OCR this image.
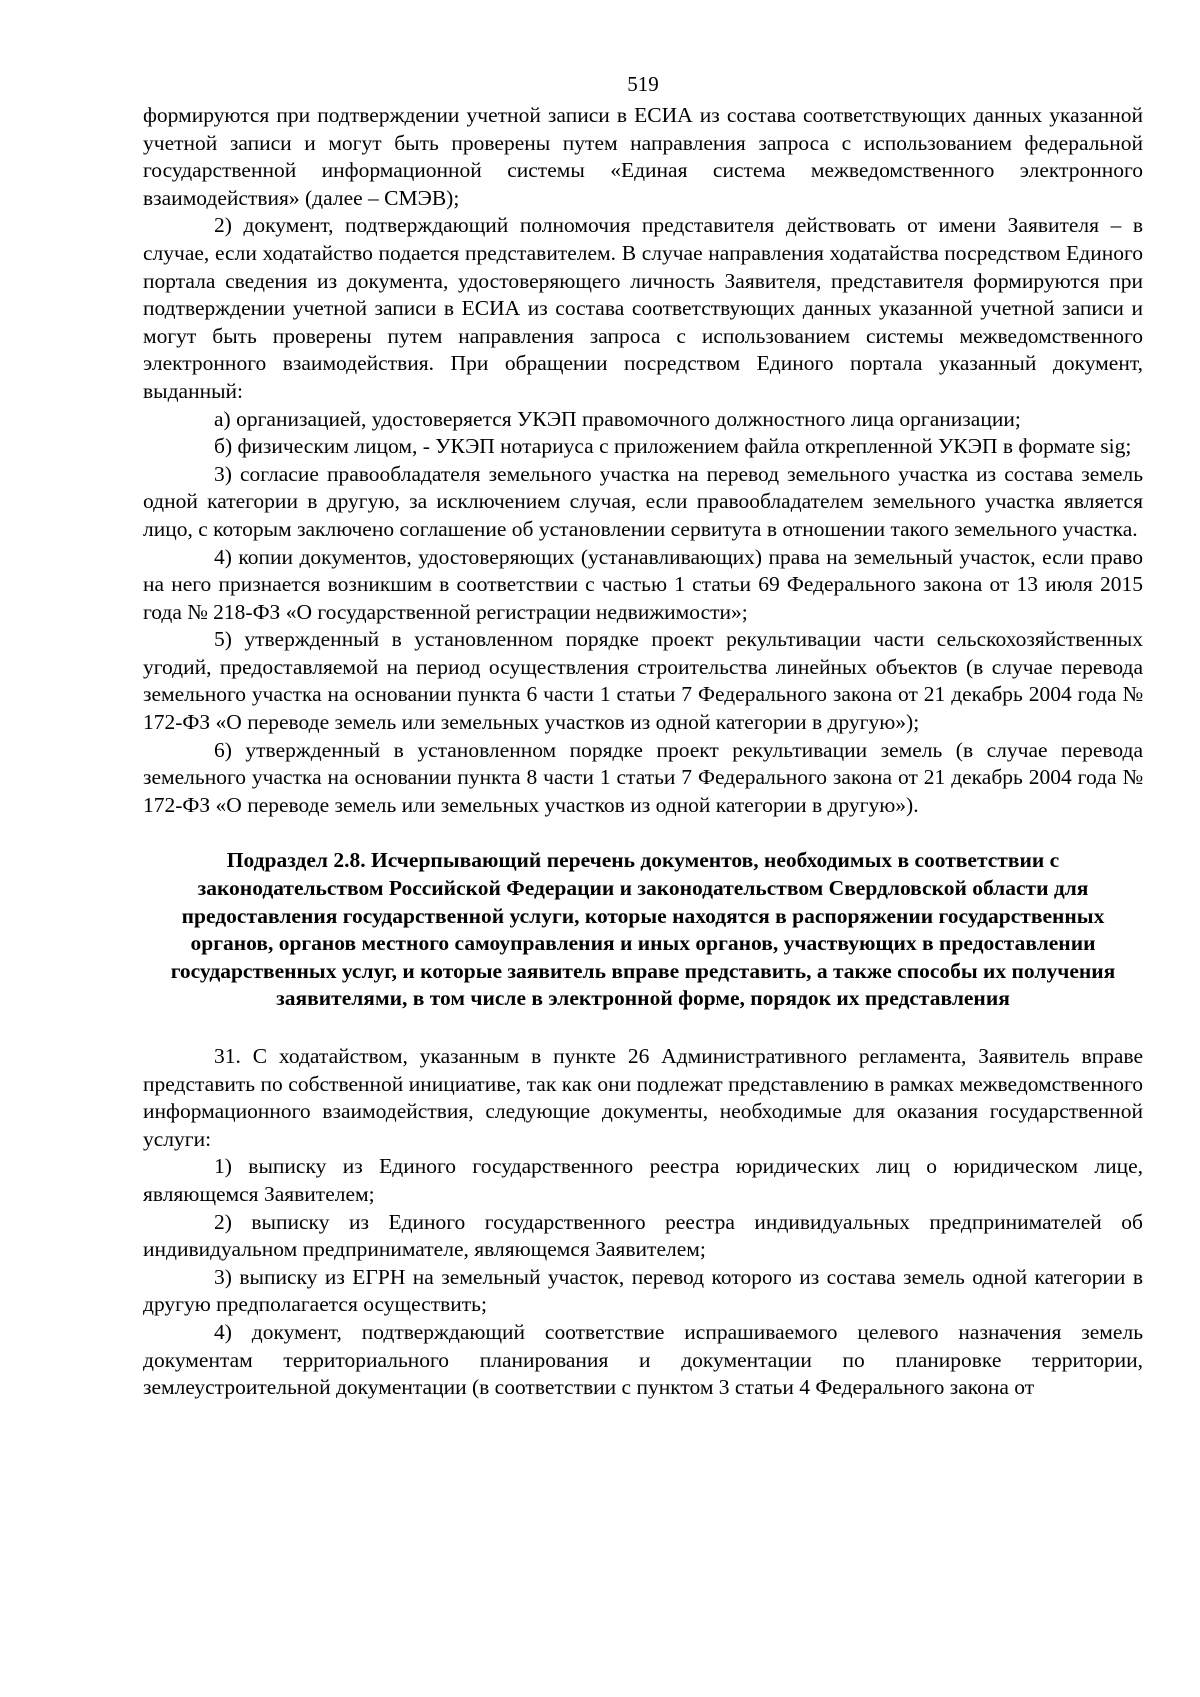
519

формируются при подтверждении учетной записи в ЕСИА из состава соответствующих данных указанной учетной записи и могут быть проверены путем направления запроса с использованием федеральной государственной информационной системы «Единая система межведомственного электронного взаимодействия» (далее – СМЭВ);

2) документ, подтверждающий полномочия представителя действовать от имени Заявителя – в случае, если ходатайство подается представителем. В случае направления ходатайства посредством Единого портала сведения из документа, удостоверяющего личность Заявителя, представителя формируются при подтверждении учетной записи в ЕСИА из состава соответствующих данных указанной учетной записи и могут быть проверены путем направления запроса с использованием системы межведомственного электронного взаимодействия. При обращении посредством Единого портала указанный документ, выданный:

а) организацией, удостоверяется УКЭП правомочного должностного лица организации;

б) физическим лицом, - УКЭП нотариуса с приложением файла открепленной УКЭП в формате sig;

3) согласие правообладателя земельного участка на перевод земельного участка из состава земель одной категории в другую, за исключением случая, если правообладателем земельного участка является лицо, с которым заключено соглашение об установлении сервитута в отношении такого земельного участка.

4) копии документов, удостоверяющих (устанавливающих) права на земельный участок, если право на него признается возникшим в соответствии с частью 1 статьи 69 Федерального закона от 13 июля 2015 года № 218-ФЗ «О государственной регистрации недвижимости»;

5) утвержденный в установленном порядке проект рекультивации части сельскохозяйственных угодий, предоставляемой на период осуществления строительства линейных объектов (в случае перевода земельного участка на основании пункта 6 части 1 статьи 7 Федерального закона от 21 декабрь 2004 года № 172-ФЗ «О переводе земель или земельных участков из одной категории в другую»);

6) утвержденный в установленном порядке проект рекультивации земель (в случае перевода земельного участка на основании пункта 8 части 1 статьи 7 Федерального закона от 21 декабрь 2004 года № 172-ФЗ «О переводе земель или земельных участков из одной категории в другую»).

Подраздел 2.8. Исчерпывающий перечень документов, необходимых в соответствии с законодательством Российской Федерации и законодательством Свердловской области для предоставления государственной услуги, которые находятся в распоряжении государственных органов, органов местного самоуправления и иных органов, участвующих в предоставлении государственных услуг, и которые заявитель вправе представить, а также способы их получения заявителями, в том числе в электронной форме, порядок их представления

31. С ходатайством, указанным в пункте 26 Административного регламента, Заявитель вправе представить по собственной инициативе, так как они подлежат представлению в рамках межведомственного информационного взаимодействия, следующие документы, необходимые для оказания государственной услуги:

1) выписку из Единого государственного реестра юридических лиц о юридическом лице, являющемся Заявителем;

2) выписку из Единого государственного реестра индивидуальных предпринимателей об индивидуальном предпринимателе, являющемся Заявителем;

3) выписку из ЕГРН на земельный участок, перевод которого из состава земель одной категории в другую предполагается осуществить;

4) документ, подтверждающий соответствие испрашиваемого целевого назначения земель документам территориального планирования и документации по планировке территории, землеустроительной документации (в соответствии с пунктом 3 статьи 4 Федерального закона от
